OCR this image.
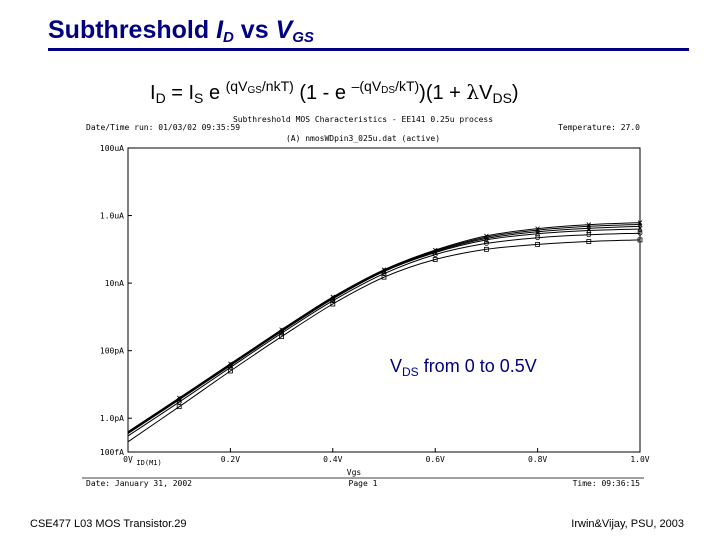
Subthreshold $I_D$ vs $V_{GS}$
$I_D = I_S$ e $^{(qV_{GS}/nkT)}$ (1 - e $^{-(qV_{DS}/kT)})(1 + \lambda V_{DS})$
Date/Time run: 01/03/02 09:35:59
Subthreshold MOS Characteristics - EE141 0.25u process
(A) nmosWDpin3_025u.dat (active)
Temperature: 27.0
0V	0.2V	0.4V	0.6V	0.8V	1.0V
100fA
1.0pA
100pA
10nA
1.0uA
100uA
- ID(M1)
Vgs
Date: January 31, 2002	Page 1	Time: 09:36:15
$V_{DS}$ from 0 to 0.5V
CSE477 L03 MOS Transistor.29	Irwin&Vijay, PSU, 2003
